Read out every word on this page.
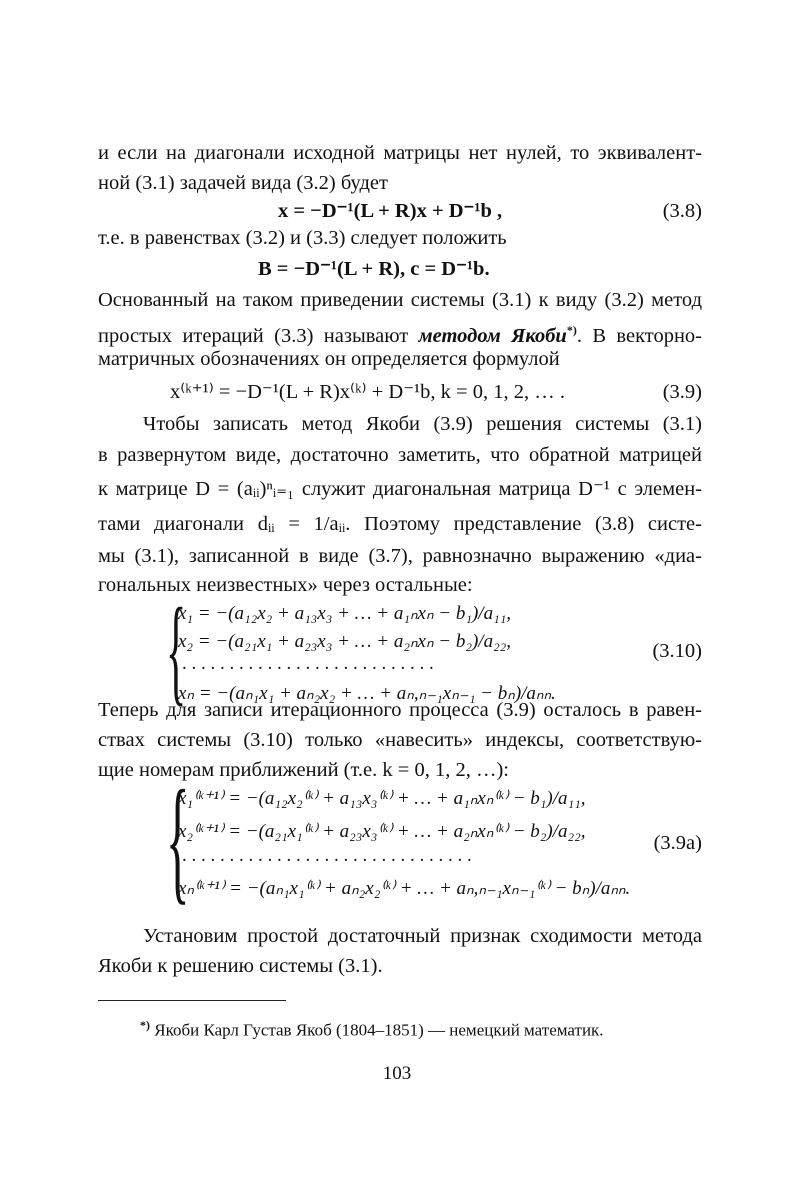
и если на диагонали исходной матрицы нет нулей, то эквивалент-
ной (3.1) задачей вида (3.2) будет
x = −D⁻¹(L + R)x + D⁻¹b ,	(3.8)
т.е. в равенствах (3.2) и (3.3) следует положить
B = −D⁻¹(L + R), c = D⁻¹b.
Основанный на таком приведении системы (3.1) к виду (3.2) метод
простых итераций (3.3) называют методом Якоби*). В векторно-
матричных обозначениях он определяется формулой
x⁽ᵏ⁺¹⁾ = −D⁻¹(L + R)x⁽ᵏ⁾ + D⁻¹b, k = 0, 1, 2, … .	(3.9)
Чтобы записать метод Якоби (3.9) решения системы (3.1)
в развернутом виде, достаточно заметить, что обратной матрицей
к матрице D = (aᵢᵢ)ⁿᵢ₌₁ служит диагональная матрица D⁻¹ с элемен-
тами диагонали dᵢᵢ = 1/aᵢᵢ. Поэтому представление (3.8) систе-
мы (3.1), записанной в виде (3.7), равнозначно выражению «диа-
гональных неизвестных» через остальные:
{
x₁ = −(a₁₂x₂ + a₁₃x₃ + … + a₁ₙxₙ − b₁)/a₁₁,
x₂ = −(a₂₁x₁ + a₂₃x₃ + … + a₂ₙxₙ − b₂)/a₂₂,
. . . . . . . . . . . . . . . . . . . . . . . . . . .
xₙ = −(aₙ₁x₁ + aₙ₂x₂ + … + aₙ,ₙ₋₁xₙ₋₁ − bₙ)/aₙₙ.
(3.10)
Теперь для записи итерационного процесса (3.9) осталось в равен-
ствах системы (3.10) только «навесить» индексы, соответствую-
щие номерам приближений (т.е. k = 0, 1, 2, …):
{
x₁⁽ᵏ⁺¹⁾ = −(a₁₂x₂⁽ᵏ⁾ + a₁₃x₃⁽ᵏ⁾ + … + a₁ₙxₙ⁽ᵏ⁾ − b₁)/a₁₁,
x₂⁽ᵏ⁺¹⁾ = −(a₂₁x₁⁽ᵏ⁾ + a₂₃x₃⁽ᵏ⁾ + … + a₂ₙxₙ⁽ᵏ⁾ − b₂)/a₂₂,
. . . . . . . . . . . . . . . . . . . . . . . . . . . . . . .
xₙ⁽ᵏ⁺¹⁾ = −(aₙ₁x₁⁽ᵏ⁾ + aₙ₂x₂⁽ᵏ⁾ + … + aₙ,ₙ₋₁xₙ₋₁⁽ᵏ⁾ − bₙ)/aₙₙ.
(3.9a)
Установим простой достаточный признак сходимости метода
Якоби к решению системы (3.1).
*) Якоби Карл Густав Якоб (1804–1851) — немецкий математик.
103
